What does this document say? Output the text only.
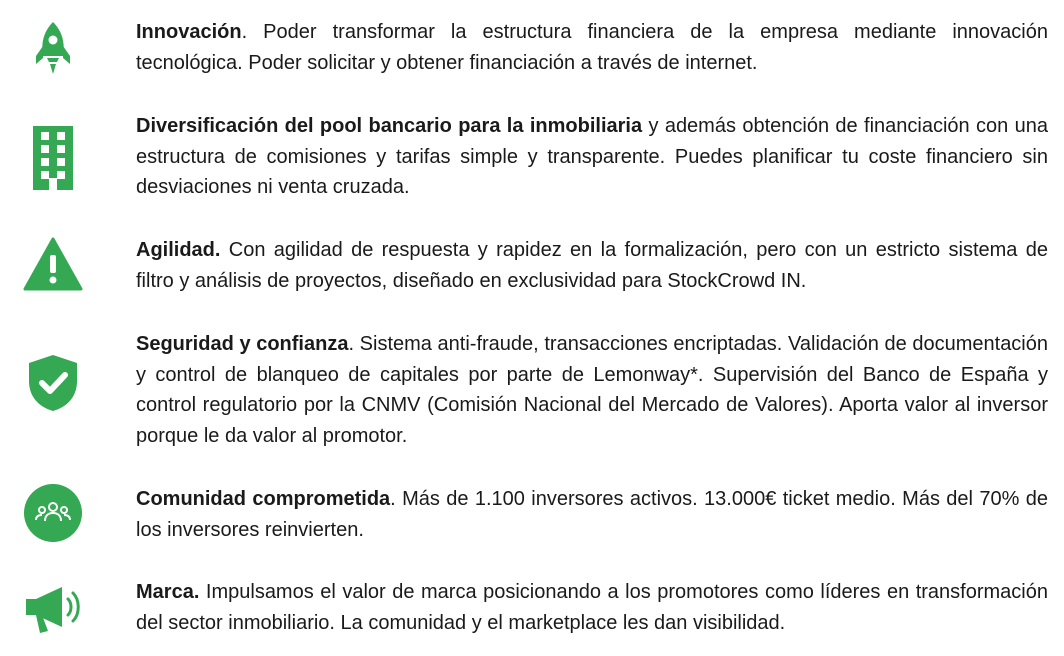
Innovación. Poder transformar la estructura financiera de la empresa mediante innovación tecnológica. Poder solicitar y obtener financiación a través de internet.

Diversificación del pool bancario para la inmobiliaria y además obtención de financiación con una estructura de comisiones y tarifas simple y transparente. Puedes planificar tu coste financiero sin desviaciones ni venta cruzada.

Agilidad. Con agilidad de respuesta y rapidez en la formalización, pero con un estricto sistema de filtro y análisis de proyectos, diseñado en exclusividad para StockCrowd IN.

Seguridad y confianza. Sistema anti-fraude, transacciones encriptadas. Validación de documentación y control de blanqueo de capitales por parte de Lemonway*. Supervisión del Banco de España y control regulatorio por la CNMV (Comisión Nacional del Mercado de Valores). Aporta valor al inversor porque le da valor al promotor.

Comunidad comprometida. Más de 1.100 inversores activos. 13.000€ ticket medio. Más del 70% de los inversores reinvierten.

Marca. Impulsamos el valor de marca posicionando a los promotores como líderes en transformación del sector inmobiliario. La comunidad y el marketplace les dan visibilidad.
